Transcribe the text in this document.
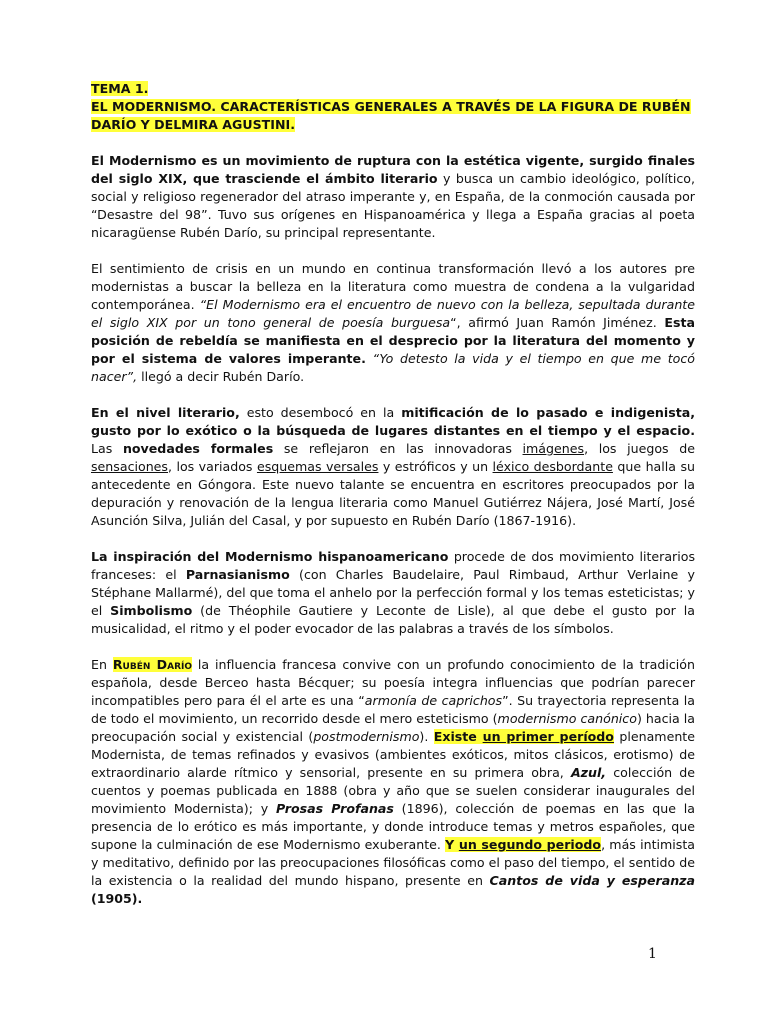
TEMA 1.
EL MODERNISMO. CARACTERÍSTICAS GENERALES A TRAVÉS DE LA FIGURA DE RUBÉN DARÍO Y DELMIRA AGUSTINI.

El Modernismo es un movimiento de ruptura con la estética vigente, surgido finales del siglo XIX, que trasciende el ámbito literario y busca un cambio ideológico, político, social y religioso regenerador del atraso imperante y, en España, de la conmoción causada por “Desastre del 98”. Tuvo sus orígenes en Hispanoamérica y llega a España gracias al poeta nicaragüense Rubén Darío, su principal representante.

El sentimiento de crisis en un mundo en continua transformación llevó a los autores pre modernistas a buscar la belleza en la literatura como muestra de condena a la vulgaridad contemporánea. “El Modernismo era el encuentro de nuevo con la belleza, sepultada durante el siglo XIX por un tono general de poesía burguesa“, afirmó Juan Ramón Jiménez. Esta posición de rebeldía se manifiesta en el desprecio por la literatura del momento y por el sistema de valores imperante. “Yo detesto la vida y el tiempo en que me tocó nacer”, llegó a decir Rubén Darío.

En el nivel literario, esto desembocó en la mitificación de lo pasado e indigenista, gusto por lo exótico o la búsqueda de lugares distantes en el tiempo y el espacio. Las novedades formales se reflejaron en las innovadoras imágenes, los juegos de sensaciones, los variados esquemas versales y estróficos y un léxico desbordante que halla su antecedente en Góngora. Este nuevo talante se encuentra en escritores preocupados por la depuración y renovación de la lengua literaria como Manuel Gutiérrez Nájera, José Martí, José Asunción Silva, Julián del Casal, y por supuesto en Rubén Darío (1867-1916).

La inspiración del Modernismo hispanoamericano procede de dos movimiento literarios franceses: el Parnasianismo (con Charles Baudelaire, Paul Rimbaud, Arthur Verlaine y Stéphane Mallarmé), del que toma el anhelo por la perfección formal y los temas esteticistas; y el Simbolismo (de Théophile Gautiere y Leconte de Lisle), al que debe el gusto por la musicalidad, el ritmo y el poder evocador de las palabras a través de los símbolos.

En Rubén Darío la influencia francesa convive con un profundo conocimiento de la tradición española, desde Berceo hasta Bécquer; su poesía integra influencias que podrían parecer incompatibles pero para él el arte es una “armonía de caprichos”. Su trayectoria representa la de todo el movimiento, un recorrido desde el mero esteticismo (modernismo canónico) hacia la preocupación social y existencial (postmodernismo). Existe un primer período plenamente Modernista, de temas refinados y evasivos (ambientes exóticos, mitos clásicos, erotismo) de extraordinario alarde rítmico y sensorial, presente en su primera obra, Azul, colección de cuentos y poemas publicada en 1888 (obra y año que se suelen considerar inaugurales del movimiento Modernista); y Prosas Profanas (1896), colección de poemas en las que la presencia de lo erótico es más importante, y donde introduce temas y metros españoles, que supone la culminación de ese Modernismo exuberante. Y un segundo periodo, más intimista y meditativo, definido por las preocupaciones filosóficas como el paso del tiempo, el sentido de la existencia o la realidad del mundo hispano, presente en Cantos de vida y esperanza (1905).

1
